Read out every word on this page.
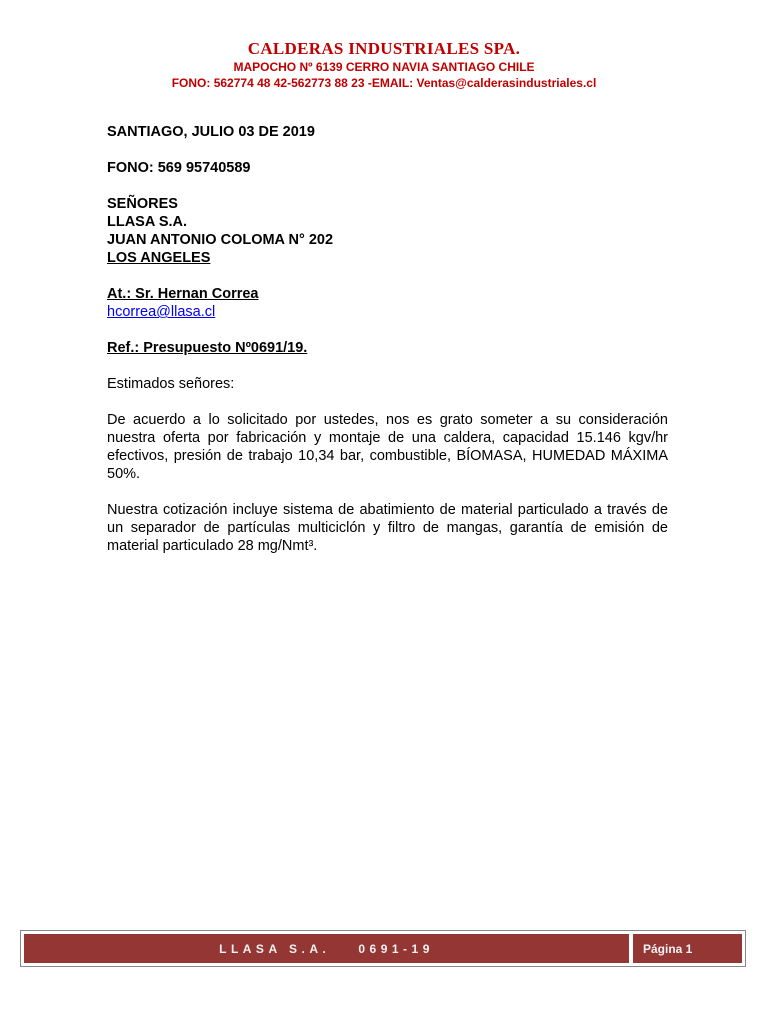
CALDERAS INDUSTRIALES SPA.
MAPOCHO Nº 6139 CERRO NAVIA SANTIAGO CHILE
FONO: 562774 48 42-562773 88 23 -EMAIL: Ventas@calderasindustriales.cl
SANTIAGO, JULIO 03 DE 2019
FONO: 569 95740589
SEÑORES
LLASA S.A.
JUAN ANTONIO COLOMA N° 202
LOS ANGELES
At.: Sr. Hernan Correa
hcorrea@llasa.cl
Ref.: Presupuesto Nº0691/19.
Estimados señores:
De acuerdo a lo solicitado por ustedes, nos es grato someter a su consideración nuestra oferta por fabricación y montaje de una caldera, capacidad 15.146 kgv/hr efectivos, presión de trabajo 10,34 bar, combustible, BÍOMASA, HUMEDAD MÁXIMA 50%.
Nuestra cotización incluye sistema de abatimiento de material particulado a través de un separador de partículas multiciclón y filtro de mangas, garantía de emisión de material particulado 28 mg/Nmt³.
LLASA S.A. 0691-19	Página 1
